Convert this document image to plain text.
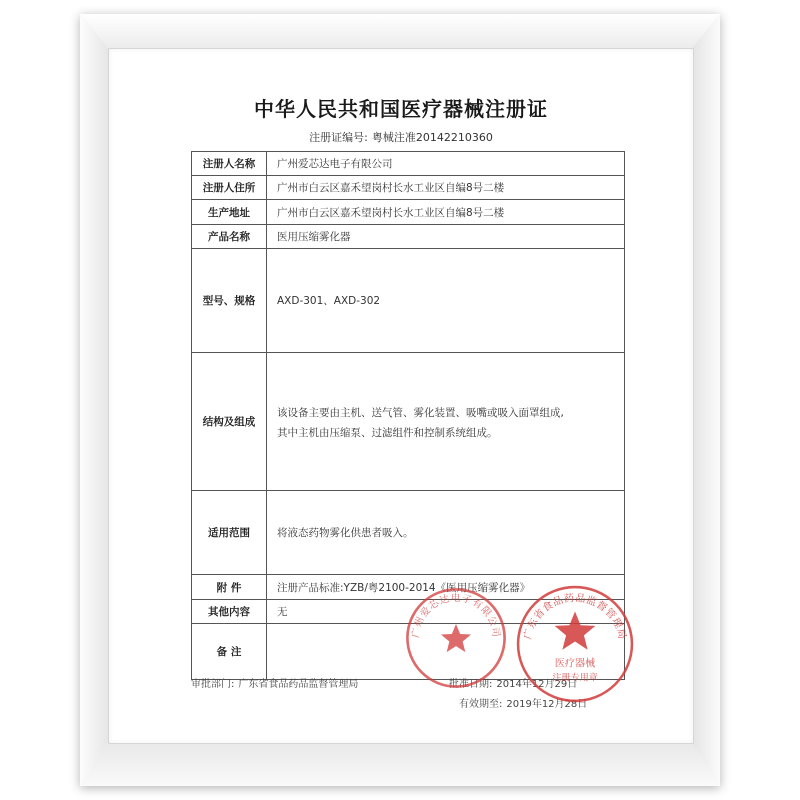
中华人民共和国医疗器械注册证
注册证编号: 粤械注准20142210360
注册人名称	广州爱芯达电子有限公司
注册人住所	广州市白云区嘉禾望岗村长水工业区自编8号二楼
生产地址	广州市白云区嘉禾望岗村长水工业区自编8号二楼
产品名称	医用压缩雾化器
型号、规格	AXD-301、AXD-302
结构及组成	该设备主要由主机、送气管、雾化装置、吸嘴或吸入面罩组成,
其中主机由压缩泵、过滤组件和控制系统组成。

适用范围	将液态药物雾化供患者吸入。
附 件	注册产品标准:YZB/粤2100-2014《医用压缩雾化器》
其他内容	无
备 注	
审批部门: 广东省食品药品监督管理局	批准日期: 2014年12月29日
有效期至: 2019年12月28日
广州爱芯达电子有限公司 广东省食品药品监督管理局
医疗器械
注册专用章
